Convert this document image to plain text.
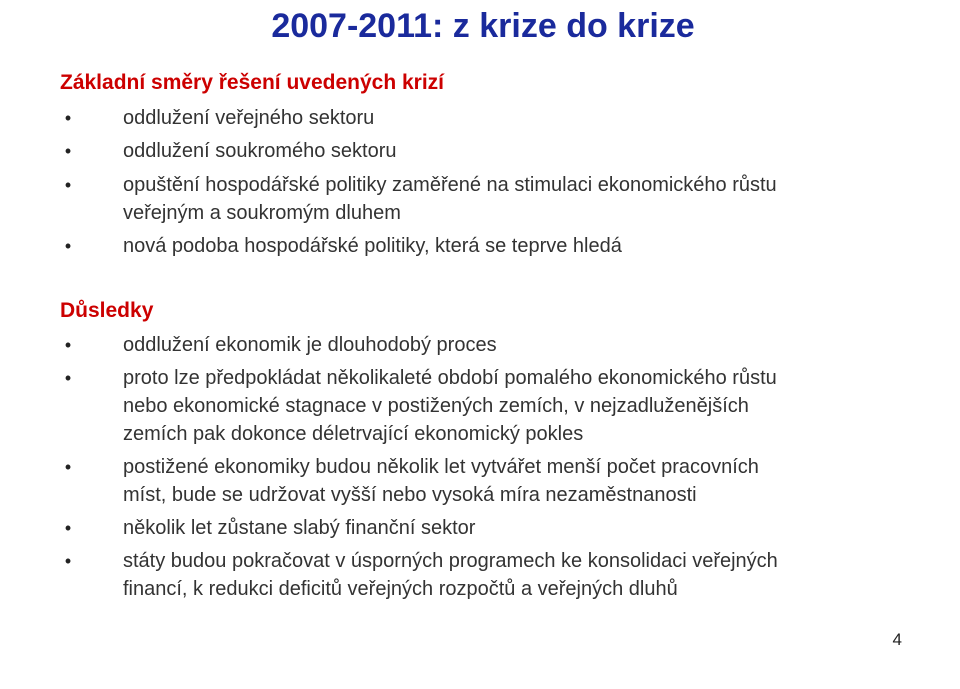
2007-2011: z krize do krize
Základní směry řešení uvedených krizí
•	oddlužení veřejného sektoru
•	oddlužení soukromého sektoru
•	opuštění hospodářské politiky zaměřené na stimulaci ekonomického růstu
veřejným a soukromým dluhem
•	nová podoba hospodářské politiky, která se teprve hledá
Důsledky
•	oddlužení ekonomik je dlouhodobý proces
•	proto lze předpokládat několikaleté období pomalého ekonomického růstu
nebo ekonomické stagnace v postižených zemích, v nejzadluženějších
zemích pak dokonce déletrvající ekonomický pokles
•	postižené ekonomiky budou několik let vytvářet menší počet pracovních
míst, bude se udržovat vyšší nebo vysoká míra nezaměstnanosti
•	několik let zůstane slabý finanční sektor
•	státy budou pokračovat v úsporných programech ke konsolidaci veřejných
financí, k redukci deficitů veřejných rozpočtů a veřejných dluhů
4
